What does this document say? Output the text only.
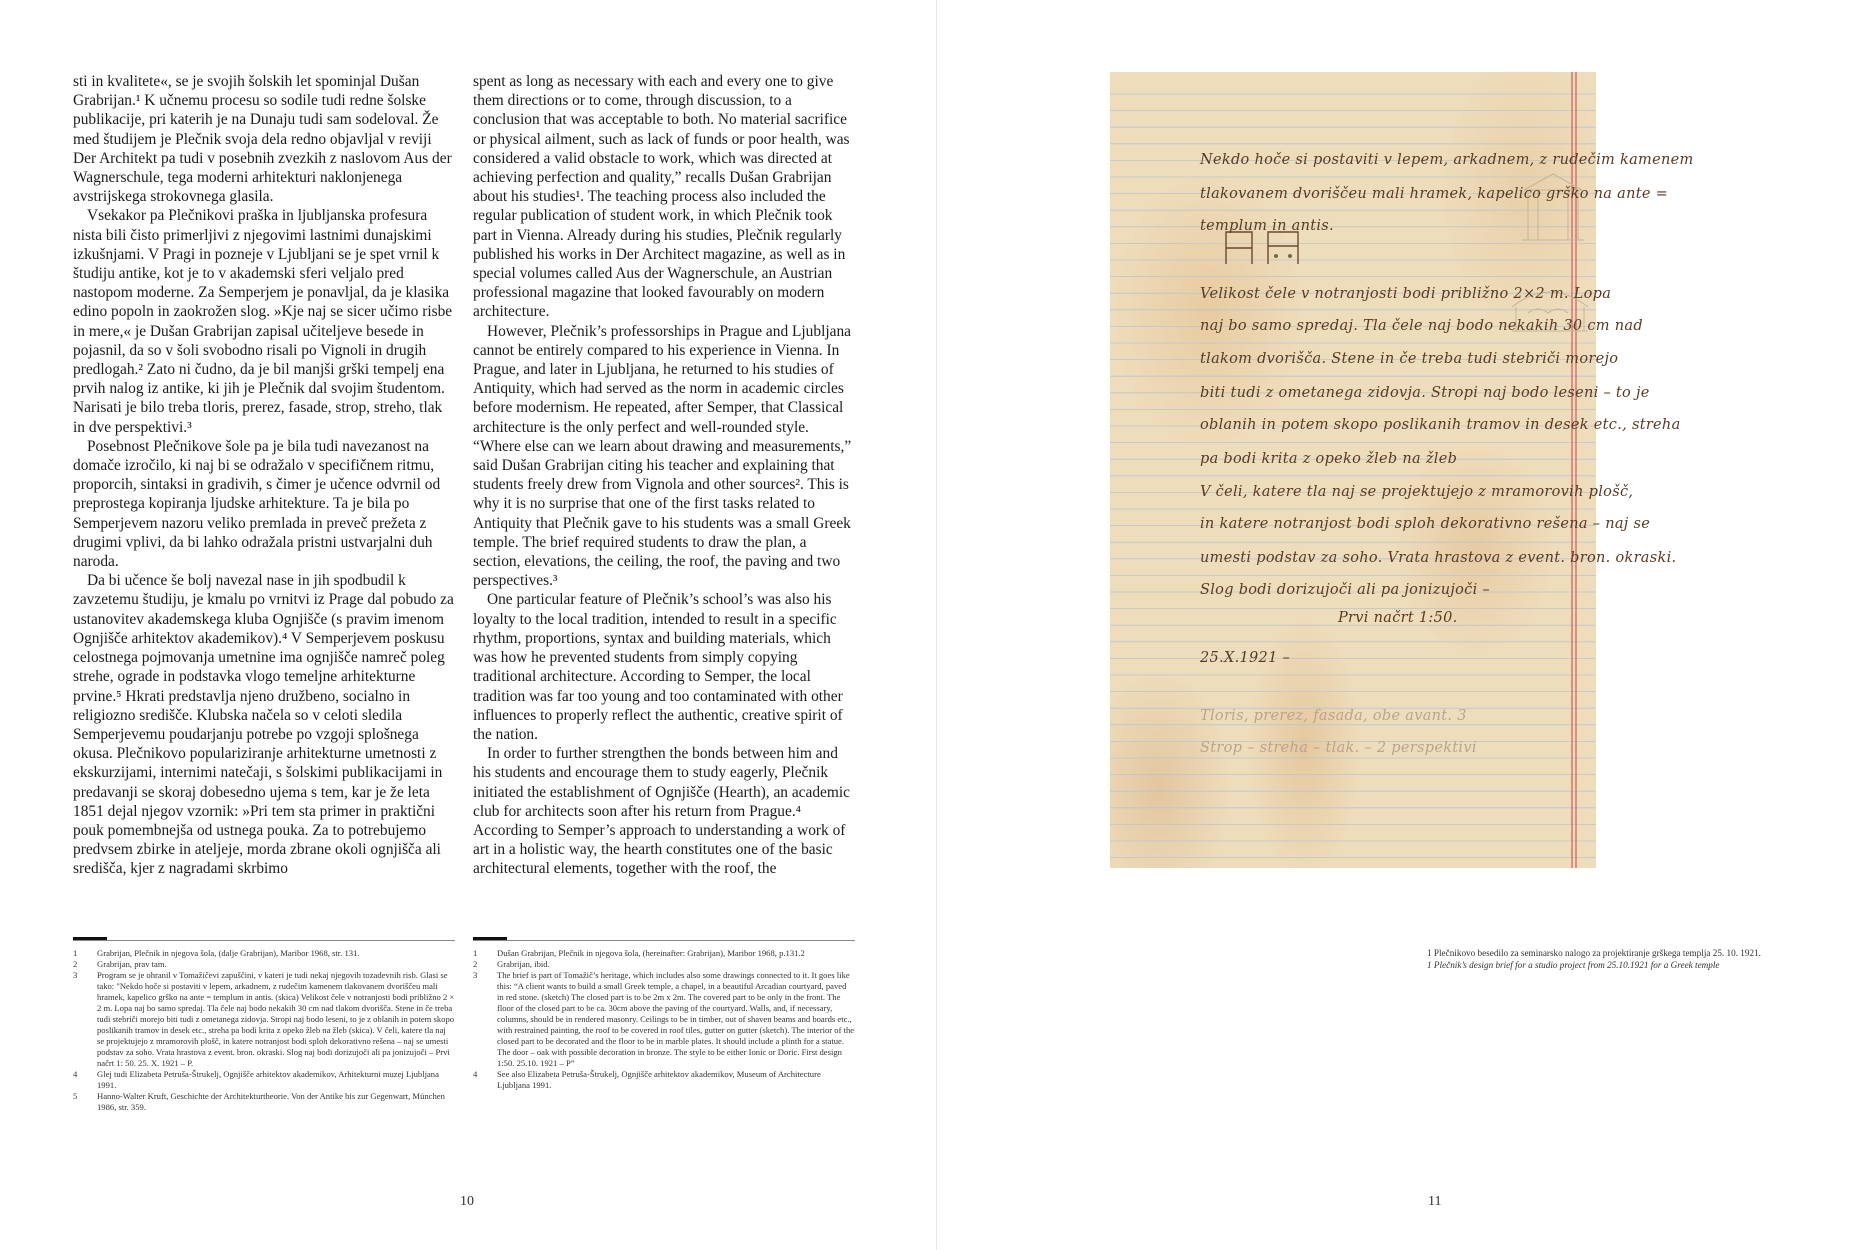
sti in kvalitete«, se je svojih šolskih let spominjal Dušan Grabrijan.¹ K učnemu procesu so sodile tudi redne šolske publikacije, pri katerih je na Dunaju tudi sam sodeloval. Že med študijem je Plečnik svoja dela redno objavljal v reviji Der Architekt pa tudi v posebnih zvezkih z naslovom Aus der Wagnerschule, tega moderni arhitekturi naklonjenega avstrijskega strokovnega glasila.

Vsekakor pa Plečnikovi praška in ljubljanska profesura nista bili čisto primerljivi z njegovimi lastnimi dunajskimi izkušnjami. V Pragi in pozneje v Ljubljani se je spet vrnil k študiju antike, kot je to v akademski sferi veljalo pred nastopom moderne. Za Semperjem je ponavljal, da je klasika edino popoln in zaokrožen slog. »Kje naj se sicer učimo risbe in mere,« je Dušan Grabrijan zapisal učiteljeve besede in pojasnil, da so v šoli svobodno risali po Vignoli in drugih predlogah.² Zato ni čudno, da je bil manjši grški tempelj ena prvih nalog iz antike, ki jih je Plečnik dal svojim študentom. Narisati je bilo treba tloris, prerez, fasade, strop, streho, tlak in dve perspektivi.³

Posebnost Plečnikove šole pa je bila tudi navezanost na domače izročilo, ki naj bi se odražalo v specifičnem ritmu, proporcih, sintaksi in gradivih, s čimer je učence odvrnil od preprostega kopiranja ljudske arhitekture. Ta je bila po Semperjevem nazoru veliko premlada in preveč prežeta z drugimi vplivi, da bi lahko odražala pristni ustvarjalni duh naroda.

Da bi učence še bolj navezal nase in jih spodbudil k zavzetemu študiju, je kmalu po vrnitvi iz Prage dal pobudo za ustanovitev akademskega kluba Ognjišče (s pravim imenom Ognjišče arhitektov akademikov).⁴ V Semperjevem poskusu celostnega pojmovanja umetnine ima ognjišče namreč poleg strehe, ograde in podstavka vlogo temeljne arhitekturne prvine.⁵ Hkrati predstavlja njeno družbeno, socialno in religiozno središče. Klubska načela so v celoti sledila Semperjevemu poudarjanju potrebe po vzgoji splošnega okusa. Plečnikovo populariziranje arhitekturne umetnosti z ekskurzijami, internimi natečaji, s šolskimi publikacijami in predavanji se skoraj dobesedno ujema s tem, kar je že leta 1851 dejal njegov vzornik: »Pri tem sta primer in praktični pouk pomembnejša od ustnega pouka. Za to potrebujemo predvsem zbirke in ateljeje, morda zbrane okoli ognjišča ali središča, kjer z nagradami skrbimo

spent as long as necessary with each and every one to give them directions or to come, through discussion, to a conclusion that was acceptable to both. No material sacrifice or physical ailment, such as lack of funds or poor health, was considered a valid obstacle to work, which was directed at achieving perfection and quality,” recalls Dušan Grabrijan about his studies¹. The teaching process also included the regular publication of student work, in which Plečnik took part in Vienna. Already during his studies, Plečnik regularly published his works in Der Architect magazine, as well as in special volumes called Aus der Wagnerschule, an Austrian professional magazine that looked favourably on modern architecture.

However, Plečnik’s professorships in Prague and Ljubljana cannot be entirely compared to his experience in Vienna. In Prague, and later in Ljubljana, he returned to his studies of Antiquity, which had served as the norm in academic circles before modernism. He repeated, after Semper, that Classical architecture is the only perfect and well-rounded style. “Where else can we learn about drawing and measurements,” said Dušan Grabrijan citing his teacher and explaining that students freely drew from Vignola and other sources². This is why it is no surprise that one of the first tasks related to Antiquity that Plečnik gave to his students was a small Greek temple. The brief required students to draw the plan, a section, elevations, the ceiling, the roof, the paving and two perspectives.³

One particular feature of Plečnik’s school’s was also his loyalty to the local tradition, intended to result in a specific rhythm, proportions, syntax and building materials, which was how he prevented students from simply copying traditional architecture. According to Semper, the local tradition was far too young and too contaminated with other influences to properly reflect the authentic, creative spirit of the nation.

In order to further strengthen the bonds between him and his students and encourage them to study eagerly, Plečnik initiated the establishment of Ognjišče (Hearth), an academic club for architects soon after his return from Prague.⁴ According to Semper’s approach to understanding a work of art in a holistic way, the hearth constitutes one of the basic architectural elements, together with the roof, the

1	Grabrijan, Plečnik in njegova šola, (dalje Grabrijan), Maribor 1968, str. 131.
2	Grabrijan, prav tam.
3	Program se je ohranil v Tomažičevi zapuščini, v kateri je tudi nekaj njegovih tozadevnih risb. Glasi se tako: "Nekdo hoče si postaviti v lepem, arkadnem, z rudečim kamenem tlakovanem dvoriščeu mali hramek, kapelico grško na ante = templum in antis. (skica) Velikost čele v notranjosti bodi približno 2 × 2 m. Lopa naj bo samo spredaj. Tla čele naj bodo nekakih 30 cm nad tlakom dvorišča. Stene in če treba tudi stebriči morejo biti tudi z ometanega zidovja. Stropi naj bodo leseni, to je z oblanih in potem skopo poslikanih tramov in desek etc., streha pa bodi krita z opeko žleb na žleb (skica). V čeli, katere tla naj se projektujejo z mramorovih plošč, in katere notranjost bodi sploh dekorativno rešena – naj se umesti podstav za soho. Vrata hrastova z event. bron. okraski. Slog naj bodi dorizujoči ali pa jonizujoči – Prvi načrt 1: 50. 25. X. 1921 – P.
4	Glej tudi Elizabeta Petruša-Štrukelj, Ognjišče arhitektov akademikov, Arhitekturni muzej Ljubljana 1991.
5	Hanno-Walter Kruft, Geschichte der Architekturtheorie. Von der Antike bis zur Gegenwart, München 1986, str. 359.
1	Dušan Grabrijan, Plečnik in njegova šola, (hereinafter: Grabrijan), Maribor 1968, p.131.2
2	Grabrijan, ibid.
3	The brief is part of Tomažič’s heritage, which includes also some drawings connected to it. It goes like this: “A client wants to build a small Greek temple, a chapel, in a beautiful Arcadian courtyard, paved in red stone. (sketch) The closed part is to be 2m x 2m. The covered part to be only in the front. The floor of the closed part to be ca. 30cm above the paving of the courtyard. Walls, and, if necessary, columns, should be in rendered masonry. Ceilings to be in timber, out of shaven beams and boards etc., with restrained painting, the roof to be covered in roof tiles, gutter on gutter (sketch). The interior of the closed part to be decorated and the floor to be in marble plates. It should include a plinth for a statue. The door – oak with possible decoration in bronze. The style to be either Ionic or Doric. First design 1:50. 25.10. 1921 – P”
4	See also Elizabeta Petruša-Štrukelj, Ognjišče arhitektov akademikov, Museum of Architecture Ljubljana 1991.
10	11
Nekdo hoče si postaviti v lepem, arkadnem, z rudečim kamenem
tlakovanem dvoriščeu mali hramek, kapelico grško na ante =
templum in antis.
Velikost čele v notranjosti bodi približno 2×2 m. Lopa
naj bo samo spredaj. Tla čele naj bodo nekakih 30 cm nad
tlakom dvorišča. Stene in če treba tudi stebriči morejo
biti tudi z ometanega zidovja. Stropi naj bodo leseni – to je
oblanih in potem skopo poslikanih tramov in desek etc., streha
pa bodi krita z opeko žleb na žleb
V čeli, katere tla naj se projektujejo z mramorovih plošč,
in katere notranjost bodi sploh dekorativno rešena – naj se
umesti podstav za soho. Vrata hrastova z event. bron. okraski.
Slog bodi dorizujoči ali pa jonizujoči –
Prvi načrt 1:50.
25.X.1921 –
Tloris, prerez, fasada, obe avant. 3
Strop – streha – tlak. – 2 perspektivi
1 Plečnikovo besedilo za seminarsko nalogo za projektiranje grškega templja 25. 10. 1921.
1 Plečnik’s design brief for a studio project from 25.10.1921 for a Greek temple
